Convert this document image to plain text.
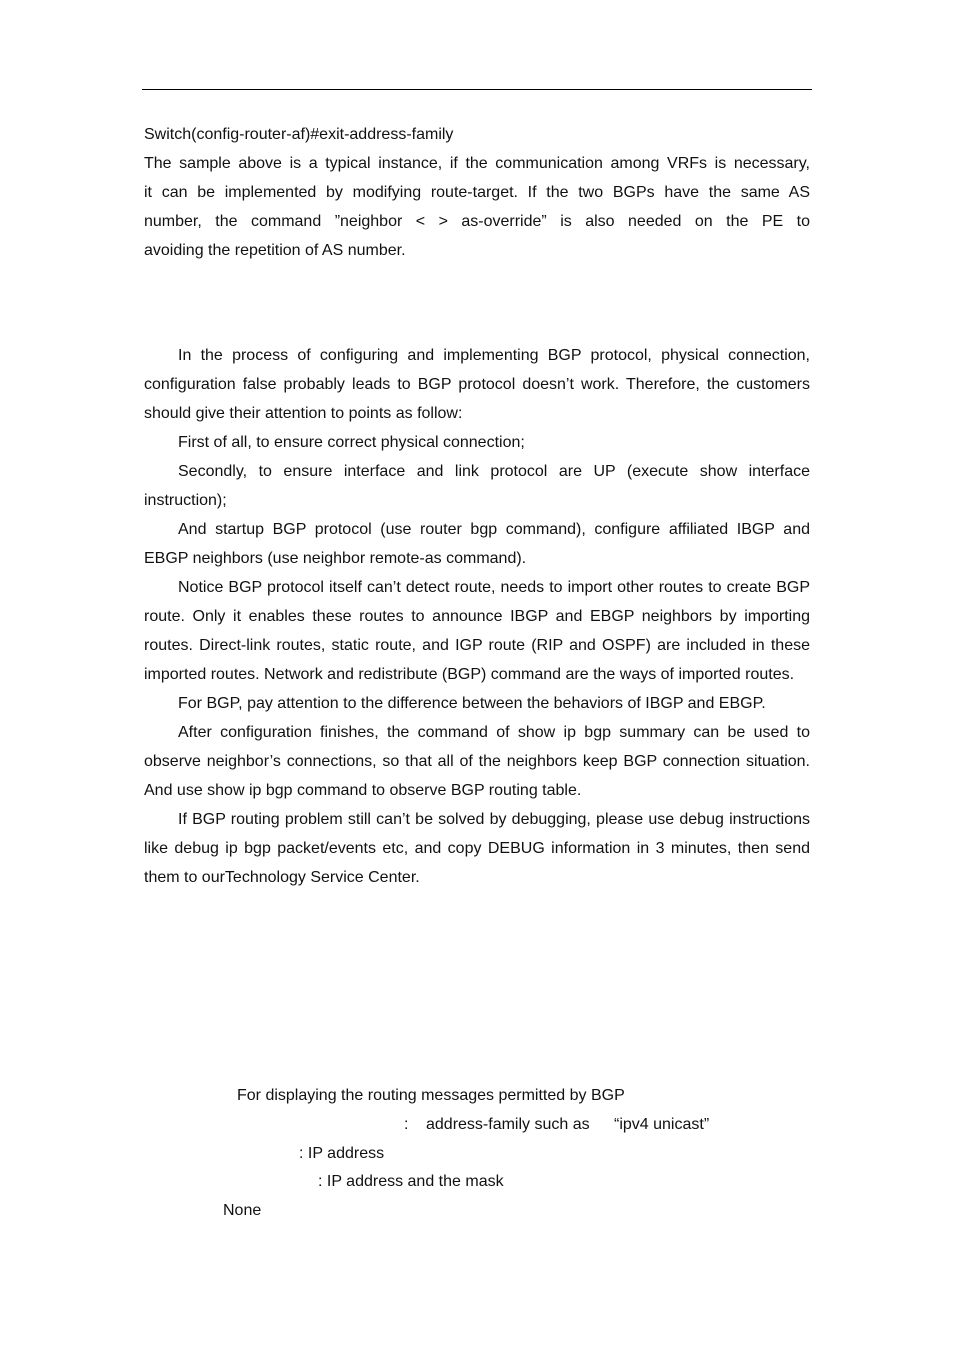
Switch(config-router-af)#exit-address-family
The sample above is a typical instance, if the communication among VRFs is necessary,
it can be implemented by modifying route-target. If the two BGPs have the same AS
number, the command ”neighbor < > as-override” is also needed on the PE to
avoiding the repetition of AS number.

In the process of configuring and implementing BGP protocol, physical connection, configuration false probably leads to BGP protocol doesn’t work. Therefore, the customers should give their attention to points as follow:

First of all, to ensure correct physical connection;

Secondly, to ensure interface and link protocol are UP (execute show interface instruction);

And startup BGP protocol (use router bgp command), configure affiliated IBGP and EBGP neighbors (use neighbor remote-as command).

Notice BGP protocol itself can’t detect route, needs to import other routes to create BGP route. Only it enables these routes to announce IBGP and EBGP neighbors by importing routes. Direct-link routes, static route, and IGP route (RIP and OSPF) are included in these imported routes. Network and redistribute (BGP) command are the ways of imported routes.

For BGP, pay attention to the difference between the behaviors of IBGP and EBGP.

After configuration finishes, the command of show ip bgp summary can be used to observe neighbor’s connections, so that all of the neighbors keep BGP connection situation. And use show ip bgp command to observe BGP routing table.

If BGP routing problem still can’t be solved by debugging, please use debug instructions like debug ip bgp packet/events etc, and copy DEBUG information in 3 minutes, then send them to ourTechnology Service Center.

For displaying the routing messages permitted by BGP
: address-family such as “ipv4 unicast”
: IP address
: IP address and the mask
None
